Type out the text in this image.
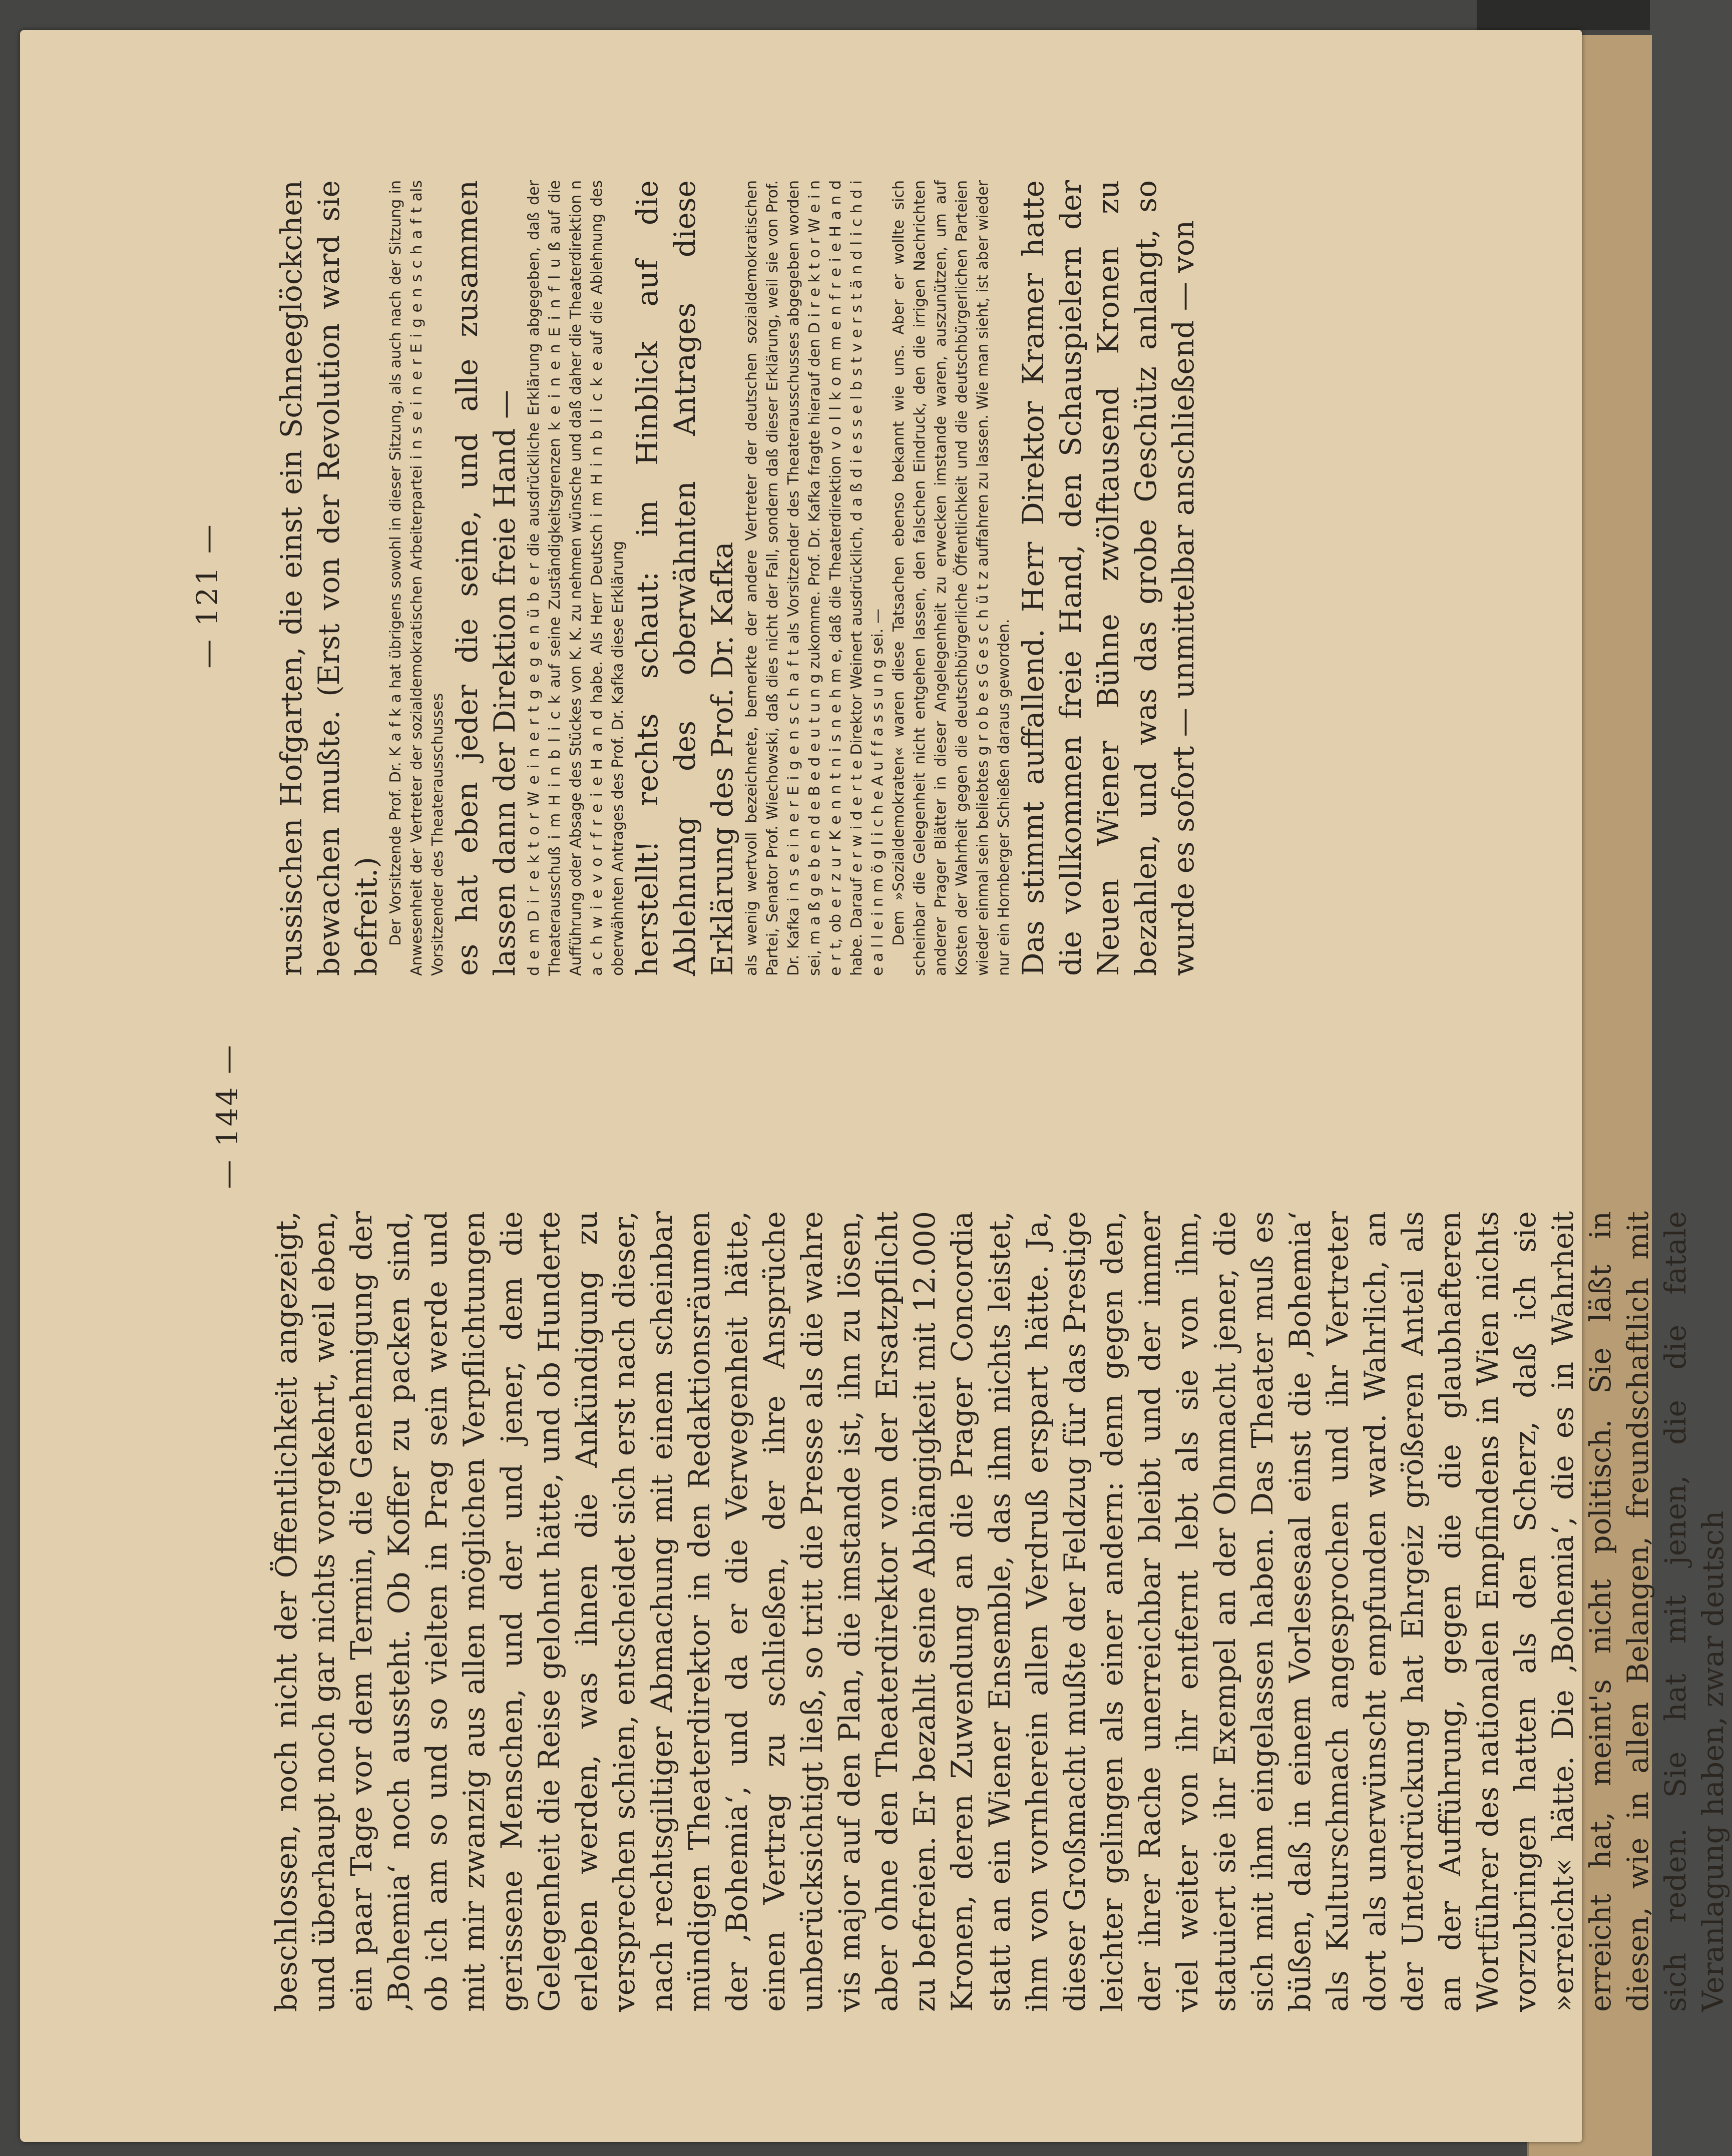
— 144 —

beschlossen, noch nicht der Öffentlichkeit angezeigt, und überhaupt noch gar nichts vorgekehrt, weil eben, ein paar Tage vor dem Termin, die Genehmigung der ‚Bohemia‘ noch aussteht. Ob Koffer zu packen sind, ob ich am so und so vielten in Prag sein werde und mit mir zwanzig aus allen möglichen Verpflichtungen gerissene Menschen, und der und jener, dem die Gelegenheit die Reise gelohnt hätte, und ob Hunderte erleben werden, was ihnen die Ankündigung zu versprechen schien, entscheidet sich erst nach dieser, nach rechtsgiltiger Abmachung mit einem scheinbar mündigen Theaterdirektor in den Redaktionsräumen der ‚Bohemia‘, und da er die Verwegenheit hätte, einen Vertrag zu schließen, der ihre Ansprüche unberücksichtigt ließ, so tritt die Presse als die wahre vis major auf den Plan, die imstande ist, ihn zu lösen, aber ohne den Theaterdirektor von der Ersatzpflicht zu befreien. Er bezahlt seine Abhängigkeit mit 12.000 Kronen, deren Zuwendung an die Prager Concordia statt an ein Wiener Ensemble, das ihm nichts leistet, ihm von vornherein allen Verdruß erspart hätte. Ja, dieser Großmacht mußte der Feldzug für das Prestige leichter gelingen als einer andern: denn gegen den, der ihrer Rache unerreichbar bleibt und der immer viel weiter von ihr entfernt lebt als sie von ihm, statuiert sie ihr Exempel an der Ohnmacht jener, die sich mit ihm eingelassen haben. Das Theater muß es büßen, daß in einem Vorlesesaal einst die ‚Bohemia‘ als Kulturschmach angesprochen und ihr Vertreter dort als unerwünscht empfunden ward. Wahrlich, an der Unterdrückung hat Ehrgeiz größeren Anteil als an der Aufführung, gegen die die glaubhafteren Wortführer des nationalen Empfindens in Wien nichts vorzubringen hatten als den Scherz, daß ich sie »erreicht« hätte. Die ‚Bohemia‘, die es in Wahrheit erreicht hat, meint's nicht politisch. Sie läßt in diesen, wie in allen Belangen, freundschaftlich mit sich reden. Sie hat mit jenen, die die fatale Veranlagung haben, zwar deutsch

— 121 — russischen Hofgarten, die einst ein Schneeglöckchen bewachen mußte. (Erst von der Revolution ward sie befreit.) Der Vorsitzende Prof. Dr. K a f k a hat übrigens sowohl in dieser Sitzung, als auch nach der Sitzung in Anwesenheit der Vertreter der sozialdemokratischen Arbeiterpartei i n s e i n e r E i g e n s c h a f t als Vorsitzender des Theaterausschusses es hat eben jeder die seine, und alle zusammen lassen dann der Direktion freie Hand — d e m D i r e k t o r W e i n e r t g e g e n ü b e r die ausdrückliche Erklärung abgegeben, daß der Theaterausschuß i m H i n b l i c k auf seine Zuständigkeitsgrenzen k e i n e n E i n f l u ß auf die Aufführung oder Absage des Stückes von K. K. zu nehmen wünsche und daß daher die Theaterdirektion n a c h w i e v o r f r e i e H a n d habe. Als Herr Deutsch i m H i n b l i c k e auf die Ablehnung des oberwähnten Antrages des Prof. Dr. Kafka diese Erklärung herstellt! rechts schaut: im Hinblick auf die Ablehnung des oberwähnten Antrages diese Erklärung des Prof. Dr. Kafka als wenig wertvoll bezeichnete, bemerkte der andere Vertreter der deutschen sozialdemokratischen Partei, Senator Prof. Wiechowski, daß dies nicht der Fall, sondern daß dieser Erklärung, weil sie von Prof. Dr. Kafka i n s e i n e r E i g e n s c h a f t als Vorsitzender des Theaterausschusses abgegeben worden sei, m a ß g e b e n d e B e d e u t u n g zukomme. Prof. Dr. Kafka fragte hierauf den D i r e k t o r W e i n e r t, ob e r z u r K e n n t n i s n e h m e, daß die Theaterdirektion v o l l k o m m e n f r e i e H a n d habe. Darauf e r w i d e r t e Direktor Weinert ausdrücklich, d a ß d i e s s e l b s t v e r s t ä n d l i c h d i e a l l e i n m ö g l i c h e A u f f a s s u n g sei. — Dem »Sozialdemokraten« waren diese Tatsachen ebenso bekannt wie uns. Aber er wollte sich scheinbar die Gelegenheit nicht entgehen lassen, den falschen Eindruck, den die irrigen Nachrichten anderer Prager Blätter in dieser Angelegenheit zu erwecken imstande waren, auszunützen, um auf Kosten der Wahrheit gegen die deutschbürgerliche Öffentlichkeit und die deutschbürgerlichen Parteien wieder einmal sein beliebtes g r o b e s G e s c h ü t z auffahren zu lassen. Wie man sieht, ist aber wieder nur ein Hornberger Schießen daraus geworden. Das stimmt auffallend. Herr Direktor Kramer hatte die vollkommen freie Hand, den Schauspielern der Neuen Wiener Bühne zwölftausend Kronen zu bezahlen, und was das grobe Geschütz anlangt, so wurde es sofort — unmittelbar anschließend — von
